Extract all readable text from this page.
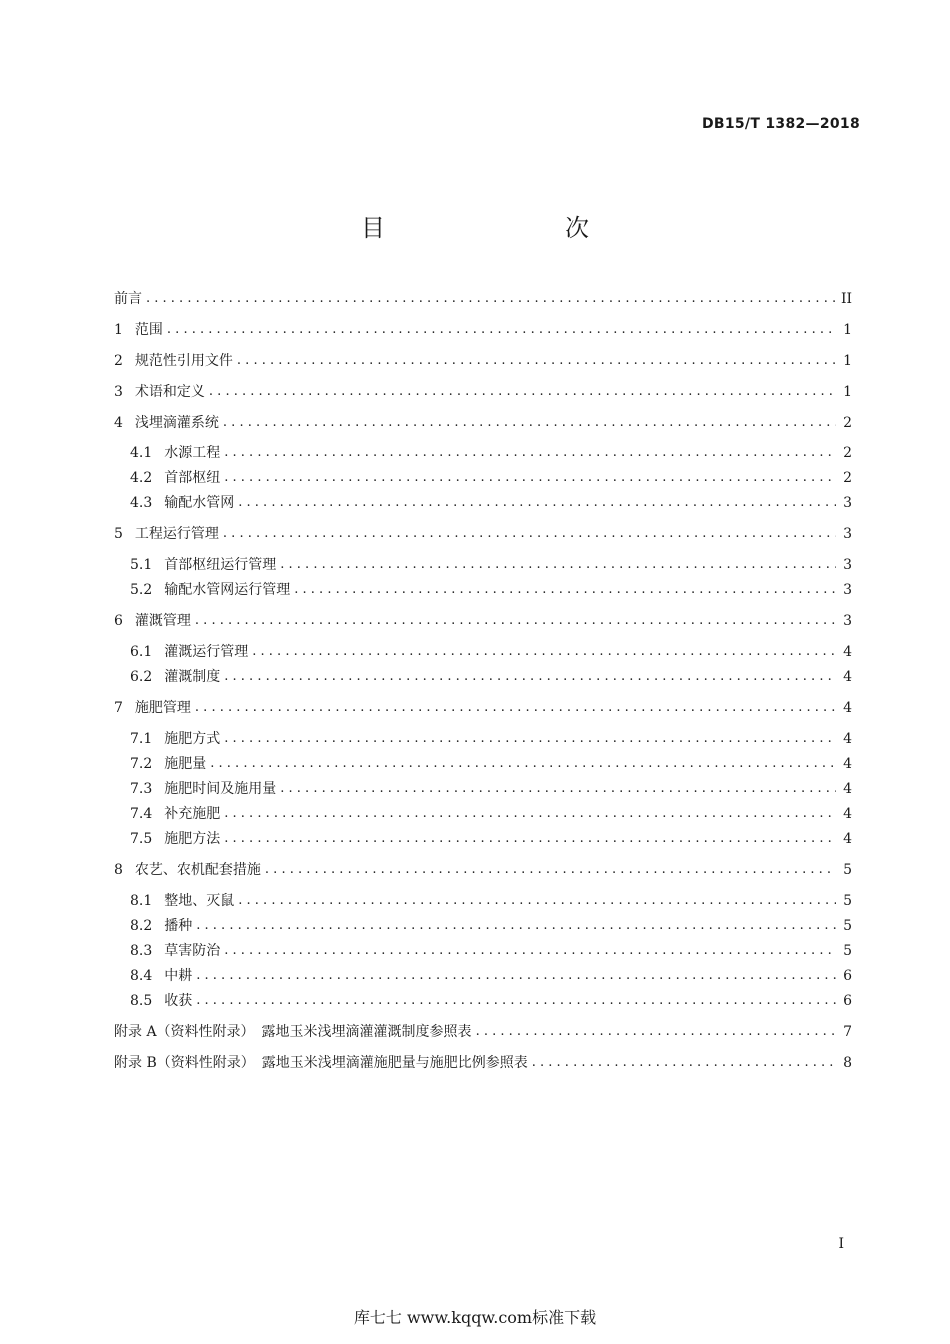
DB15/T 1382—2018
目　　次
前言 . . .	II
1 范围 . . .	1
2 规范性引用文件 . . .	1
3 术语和定义 . . .	1
4 浅埋滴灌系统 . . .	2
4.1 水源工程 . . .	2
4.2 首部枢纽 . . .	2
4.3 输配水管网 . . .	3
5 工程运行管理 . . .	3
5.1 首部枢纽运行管理 . . .	3
5.2 输配水管网运行管理 . . .	3
6 灌溉管理 . . .	3
6.1 灌溉运行管理 . . .	4
6.2 灌溉制度 . . .	4
7 施肥管理 . . .	4
7.1 施肥方式 . . .	4
7.2 施肥量 . . .	4
7.3 施肥时间及施用量 . . .	4
7.4 补充施肥 . . .	4
7.5 施肥方法 . . .	4
8 农艺、农机配套措施 . . .	5
8.1 整地、灭鼠 . . .	5
8.2 播种 . . .	5
8.3 草害防治 . . .	5
8.4 中耕 . . .	6
8.5 收获 . . .	6
附录 A（资料性附录）　露地玉米浅埋滴灌灌溉制度参照表 . . .	7
附录 B（资料性附录）　露地玉米浅埋滴灌施肥量与施肥比例参照表 . . .	8
I
库七七 www.kqqw.com标准下载
